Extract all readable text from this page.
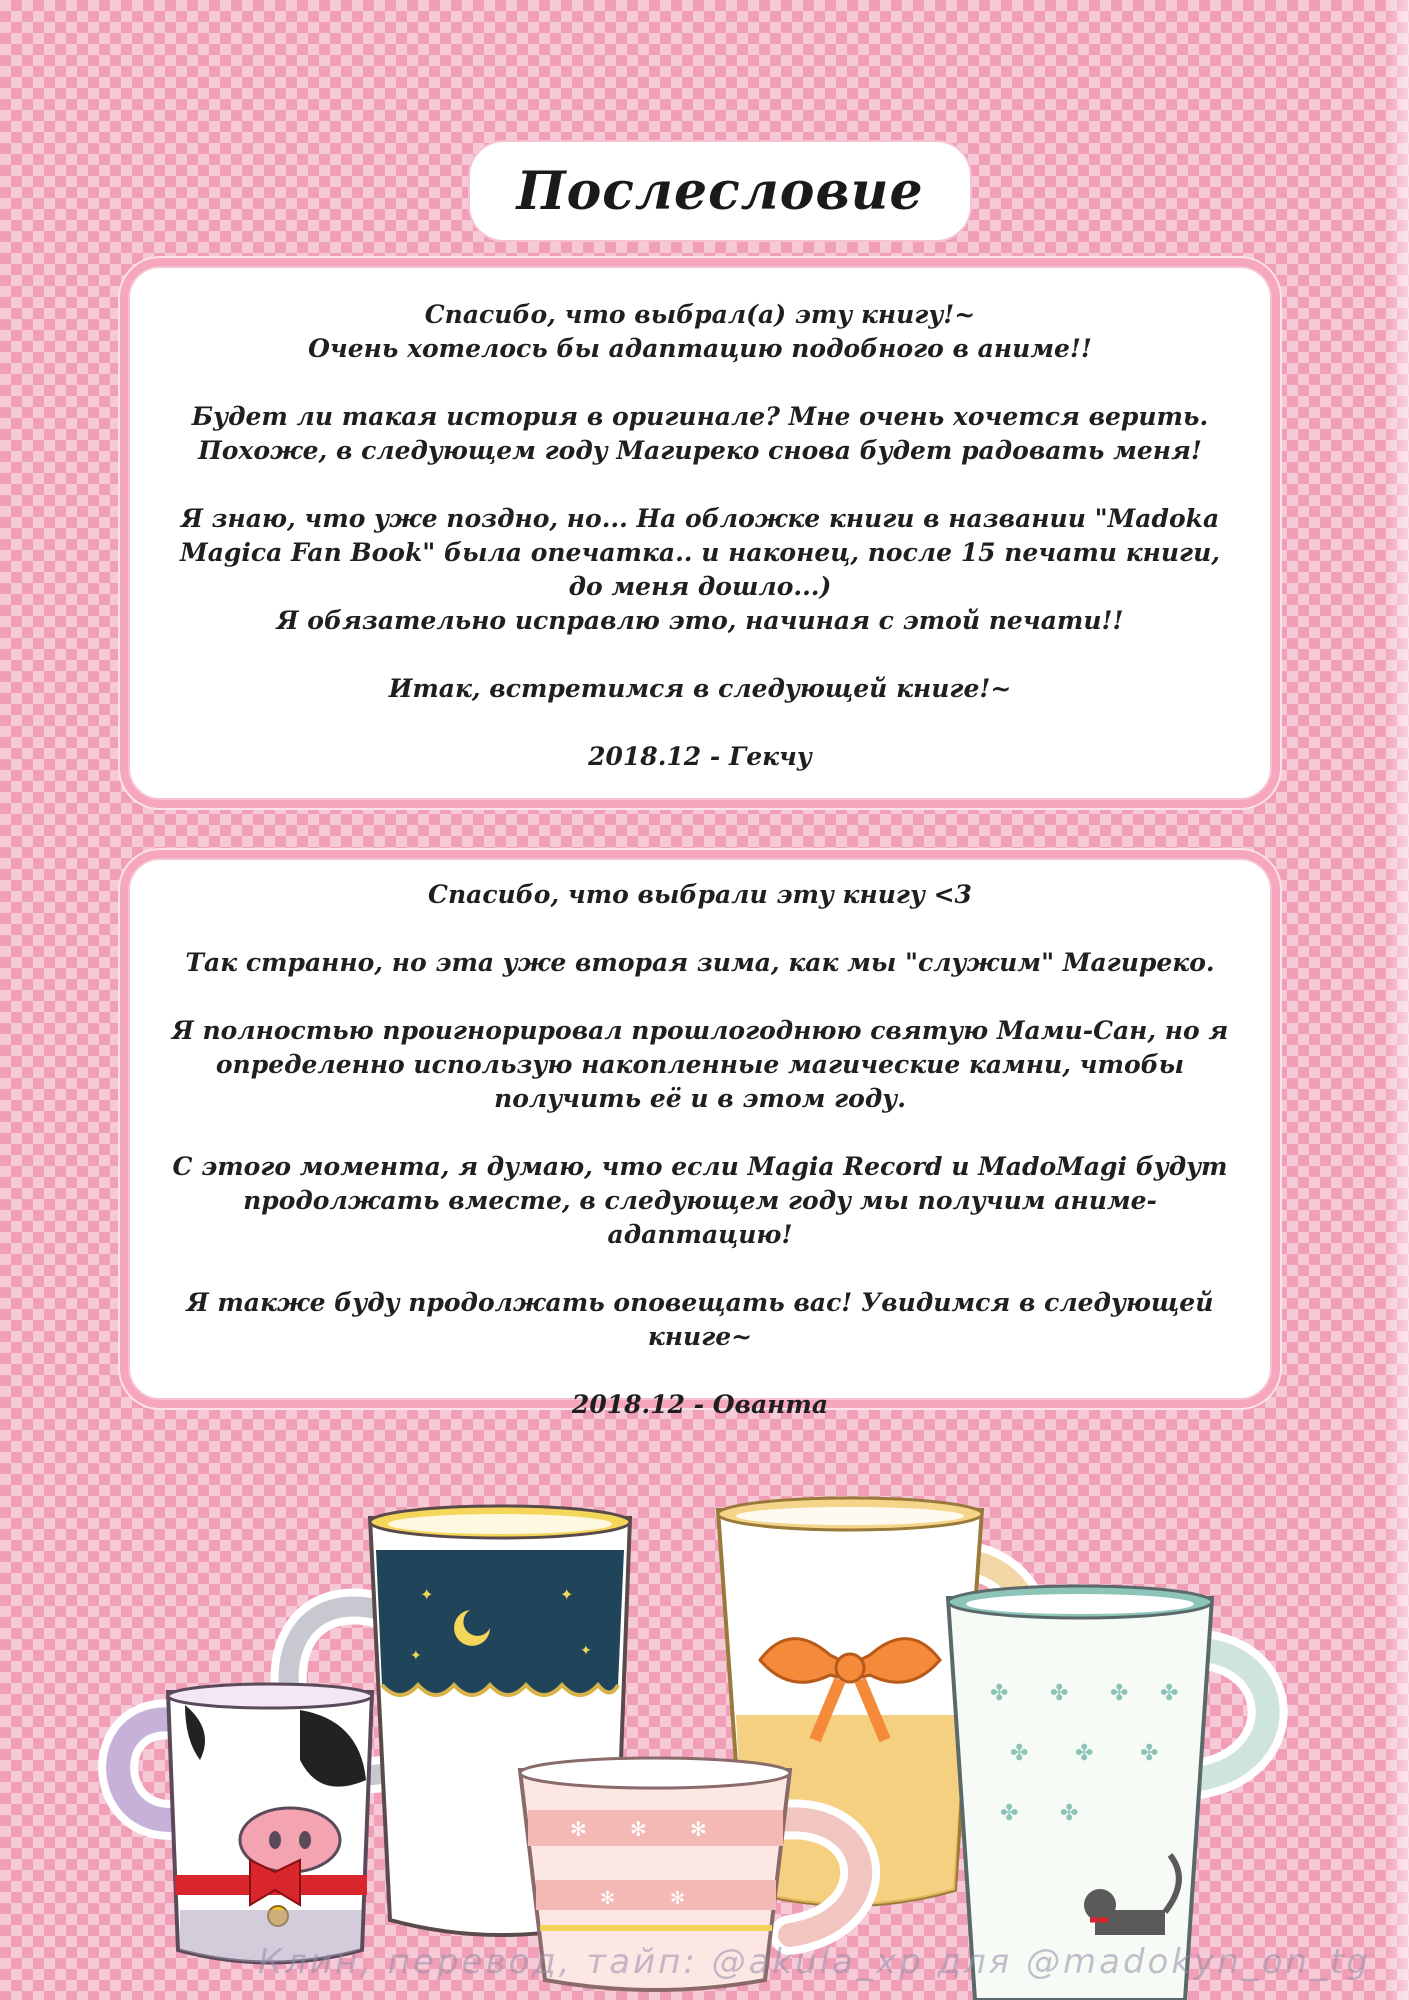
Послесловие

Спасибо, что выбрал(а) эту книгу!~
Очень хотелось бы адаптацию подобного в аниме!!

Будет ли такая история в оригинале? Мне очень хочется верить.
Похоже, в следующем году Магиреко снова будет радовать меня!

Я знаю, что уже поздно, но... На обложке книги в названии "Madoka Magica Fan Book" была опечатка.. и наконец, после 15 печати книги, до меня дошло...)
Я обязательно исправлю это, начиная с этой печати!!

Итак, встретимся в следующей книге!~

2018.12 - Гекчу

Спасибо, что выбрали эту книгу <3

Так странно, но эта уже вторая зима, как мы "служим" Магиреко.

Я полностью проигнорировал прошлогоднюю святую Мами-Сан, но я определенно использую накопленные магические камни, чтобы получить её и в этом году.

С этого момента, я думаю, что если Magia Record и MadoMagi будут продолжать вместе, в следующем году мы получим аниме-адаптацию!

Я также буду продолжать оповещать вас! Увидимся в следующей книге~

2018.12 - Ованта

✦	✦
✦	✦
✻ ✻ ✻
✻	✻
✤ ✤ ✤ ✤
✤ ✤ ✤
✤ ✤
Клин, перевод, тайп: @akula_xp для @madokyn_on_tg
